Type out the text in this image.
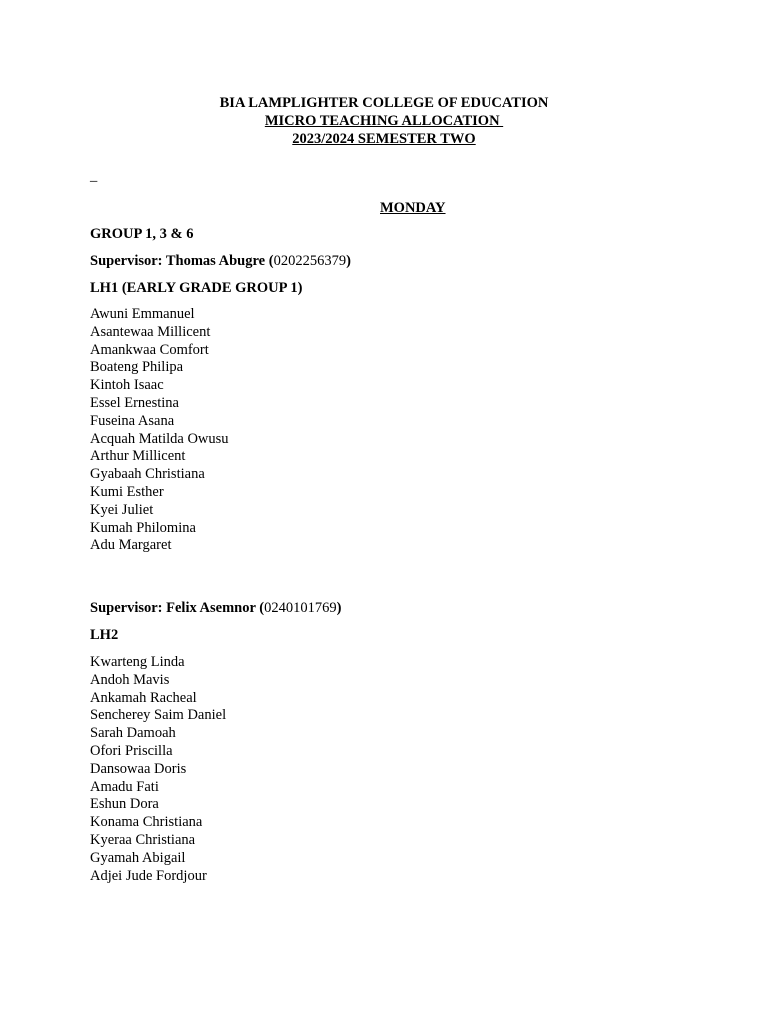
BIA LAMPLIGHTER COLLEGE OF EDUCATION
MICRO TEACHING ALLOCATION
2023/2024 SEMESTER TWO
_
MONDAY
GROUP 1, 3 & 6
Supervisor: Thomas Abugre (0202256379)
LH1 (EARLY GRADE GROUP 1)
Awuni Emmanuel
Asantewaa Millicent
Amankwaa Comfort
Boateng Philipa
Kintoh Isaac
Essel Ernestina
Fuseina Asana
Acquah Matilda Owusu
Arthur Millicent
Gyabaah Christiana
Kumi Esther
Kyei Juliet
Kumah Philomina
Adu Margaret
Supervisor: Felix Asemnor (0240101769)
LH2
Kwarteng Linda
Andoh Mavis
Ankamah Racheal
Sencherey Saim Daniel
Sarah Damoah
Ofori Priscilla
Dansowaa Doris
Amadu Fati
Eshun Dora
Konama Christiana
Kyeraa Christiana
Gyamah Abigail
Adjei Jude Fordjour
